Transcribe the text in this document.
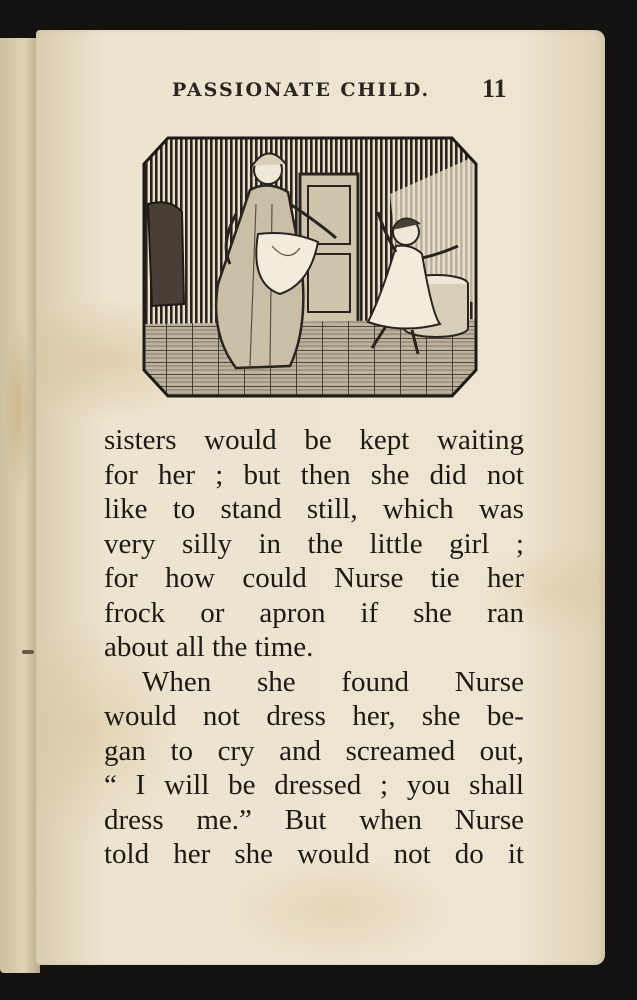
PASSIONATE CHILD. 11
sisters would be kept waiting
for her ; but then she did not
like to stand still, which was
very silly in the little girl ;
for how could Nurse tie her
frock or apron if she ran
about all the time.
When she found Nurse
would not dress her, she be-
gan to cry and screamed out,
“ I will be dressed ; you shall
dress me.” But when Nurse
told her she would not do it
